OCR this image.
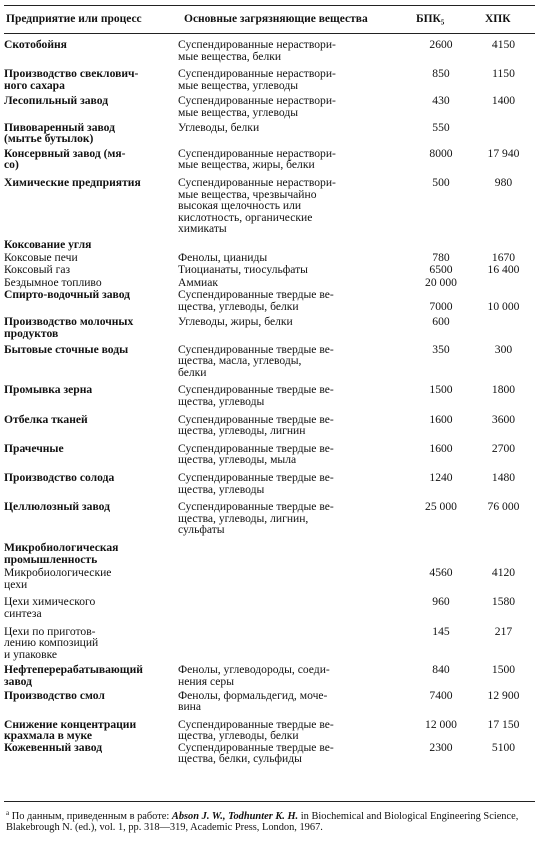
Предприятие или процесс	Основные загрязняющие вещества	БПК₅	ХПК
Скотобойня	Суспендированные нераствори-
мые вещества, белки	2600	4150

Производство свеклович-
ного сахара	Суспендированные нераствори-
мые вещества, углеводы	850	1150

Лесопильный завод	Суспендированные нераствори-
мые вещества, углеводы	430	1400

Пивоваренный завод
(мытье бутылок)	Углеводы, белки	550

Консервный завод (мя-
со)	Суспендированные нераствори-
мые вещества, жиры, белки	8000	17 940

Химические предприятия	Суспендированные нераствори-
мые вещества, чрезвычайно
высокая щелочность или
кислотность, органические
химикаты	500	980

Коксование угля

Коксовые печи	Фенолы, цианиды	780	1670

Коксовый газ	Тиоцианаты, тиосульфаты	6500	16 400

Бездымное топливо	Аммиак	20 000

Спирто-водочный завод	Суспендированные твердые ве-
щества, углеводы, белки	7000	10 000

Производство молочных
продуктов	Углеводы, жиры, белки	600

Бытовые сточные воды	Суспендированные твердые ве-
щества, масла, углеводы,
белки	350	300

Промывка зерна	Суспендированные твердые ве-
щества, углеводы	1500	1800

Отбелка тканей	Суспендированные твердые ве-
щества, углеводы, лигнин	1600	3600

Прачечные	Суспендированные твердые ве-
щества, углеводы, мыла	1600	2700

Производство солода	Суспендированные твердые ве-
щества, углеводы	1240	1480

Целлюлозный завод	Суспендированные твердые ве-
щества, углеводы, лигнин,
сульфаты	25 000	76 000

Микробиологическая
промышленность

Микробиологические
цехи		4560	4120

Цехи химического
синтеза		960	1580

Цехи по приготов-
лению композиций
и упаковке		145	217

Нефтеперерабатывающий
завод	Фенолы, углеводороды, соеди-
нения серы	840	1500

Производство смол	Фенолы, формальдегид, моче-
вина	7400	12 900

Снижение концентрации
крахмала в муке	Суспендированные твердые ве-
щества, углеводы, белки	12 000	17 150

Кожевенный завод	Суспендированные твердые ве-
щества, белки, сульфиды	2300	5100
$^а$ По данным, приведенным в работе: Abson J. W., Todhunter K. H. in Biochemical and Biological Engineering Science, Blakebrough N. (ed.), vol. 1, pp. 318—319, Academic Press, London, 1967.
